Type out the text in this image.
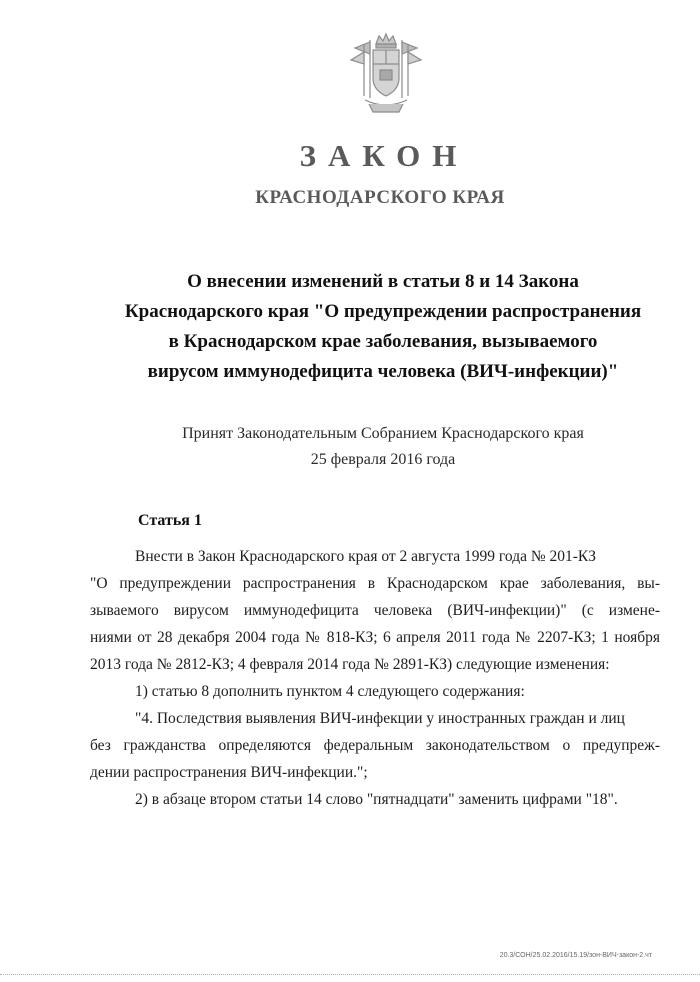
ЗАКОН
КРАСНОДАРСКОГО КРАЯ
О внесении изменений в статьи 8 и 14 Закона
Краснодарского края "О предупреждении распространения
в Краснодарском крае заболевания, вызываемого
вирусом иммунодефицита человека (ВИЧ-инфекции)"
Принят Законодательным Собранием Краснодарского края
25 февраля 2016 года
Статья 1
Внести в Закон Краснодарского края от 2 августа 1999 года № 201-КЗ
"О предупреждении распространения в Краснодарском крае заболевания, вы-
зываемого вирусом иммунодефицита человека (ВИЧ-инфекции)" (с измене-
ниями от 28 декабря 2004 года № 818-КЗ; 6 апреля 2011 года № 2207-КЗ; 1 ноября
2013 года № 2812-КЗ; 4 февраля 2014 года № 2891-КЗ) следующие изменения:
1) статью 8 дополнить пунктом 4 следующего содержания:
"4. Последствия выявления ВИЧ-инфекции у иностранных граждан и лиц
без гражданства определяются федеральным законодательством о предупреж-
дении распространения ВИЧ-инфекции.";
2) в абзаце втором статьи 14 слово "пятнадцати" заменить цифрами "18".
20.3/СОН/25.02.2016/15.19/зон-ВИЧ-закон-2.чт
